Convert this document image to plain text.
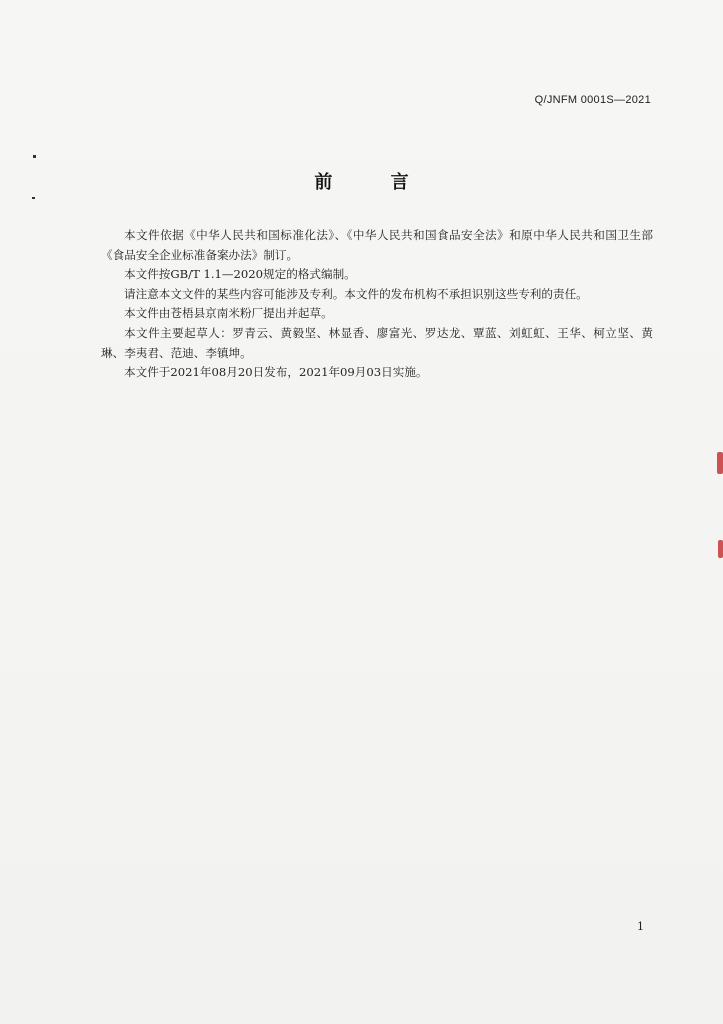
Q/JNFM 0001S—2021
前 言

本文件依据《中华人民共和国标准化法》、《中华人民共和国食品安全法》和原中华人民共和国卫生部《食品安全企业标准备案办法》制订。

本文件按GB/T 1.1—2020规定的格式编制。

请注意本文文件的某些内容可能涉及专利。本文件的发布机构不承担识别这些专利的责任。

本文件由苍梧县京南米粉厂提出并起草。

本文件主要起草人：罗青云、黄毅坚、林显香、廖富光、罗达龙、覃蓝、刘虹虹、王华、柯立坚、黄琳、李夷君、范迪、李镇坤。

本文件于2021年08月20日发布，2021年09月03日实施。

1
